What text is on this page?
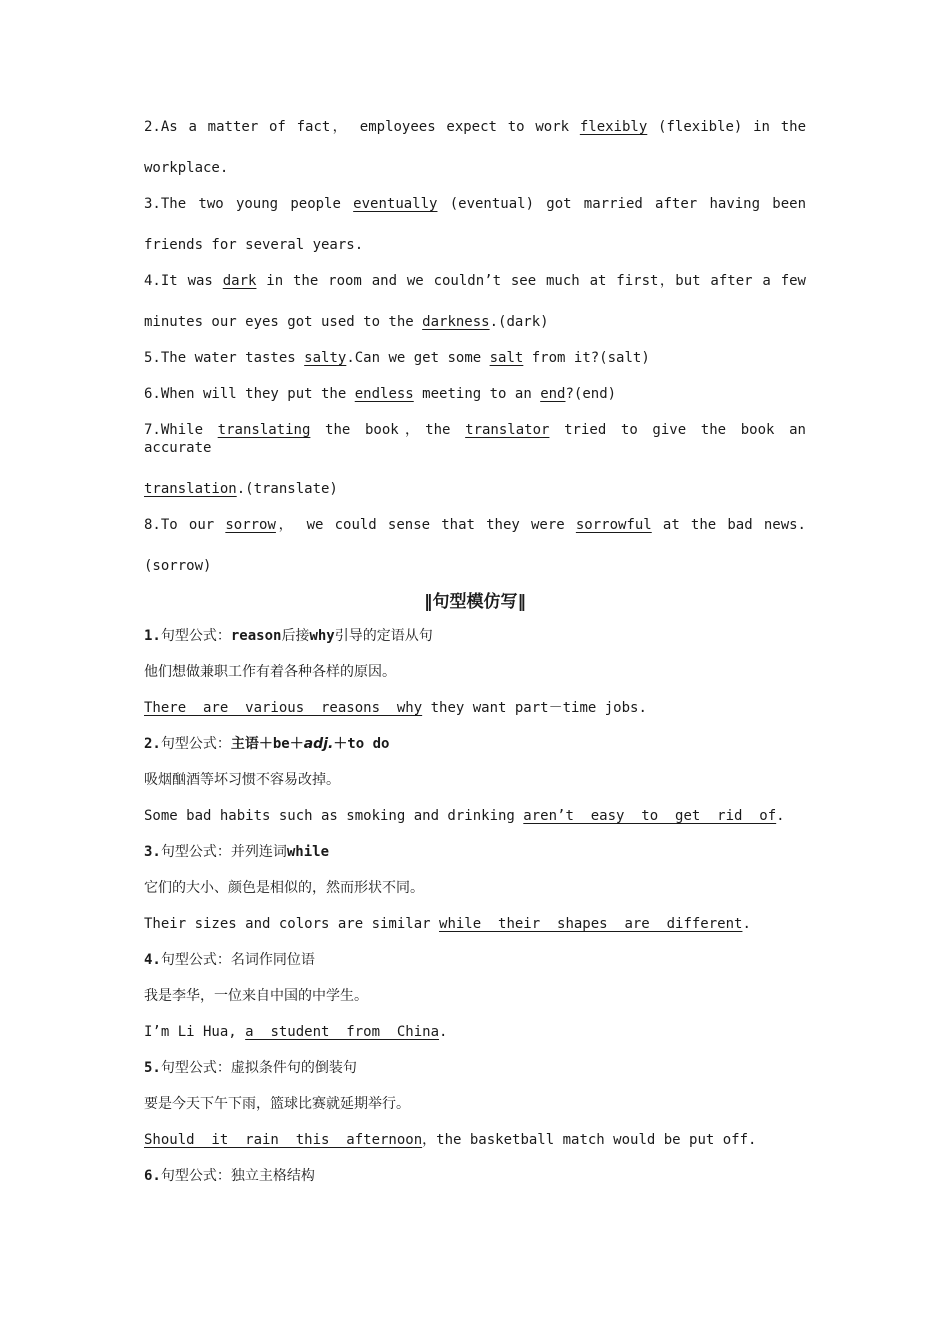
2.As a matter of fact， employees expect to work flexibly (flexible) in the
workplace.
3.The two young people eventually (eventual) got married after having been
friends for several years.
4.It was dark in the room and we couldn’t see much at first，but after a few
minutes our eyes got used to the darkness.(dark)
5.The water tastes salty.Can we get some salt from it?(salt)
6.When will they put the endless meeting to an end?(end)
7.While translating the book，the translator tried to give the book an accurate
translation.(translate)
8.To our sorrow， we could sense that they were sorrowful at the bad news.
(sorrow)
‖句型模仿写‖
1.句型公式：reason后接why引导的定语从句
他们想做兼职工作有着各种各样的原因。
There  are  various  reasons  why they want part－time jobs.
2.句型公式：主语＋be＋adj.＋to do
吸烟酗酒等坏习惯不容易改掉。
Some bad habits such as smoking and drinking aren’t  easy  to  get  rid  of.
3.句型公式：并列连词while
它们的大小、颜色是相似的，然而形状不同。
Their sizes and colors are similar while  their  shapes  are  different.
4.句型公式：名词作同位语
我是李华，一位来自中国的中学生。
I’m Li Hua, a  student  from  China.
5.句型公式：虚拟条件句的倒装句
要是今天下午下雨，篮球比赛就延期举行。
Should  it  rain  this  afternoon，the basketball match would be put off.
6.句型公式：独立主格结构
